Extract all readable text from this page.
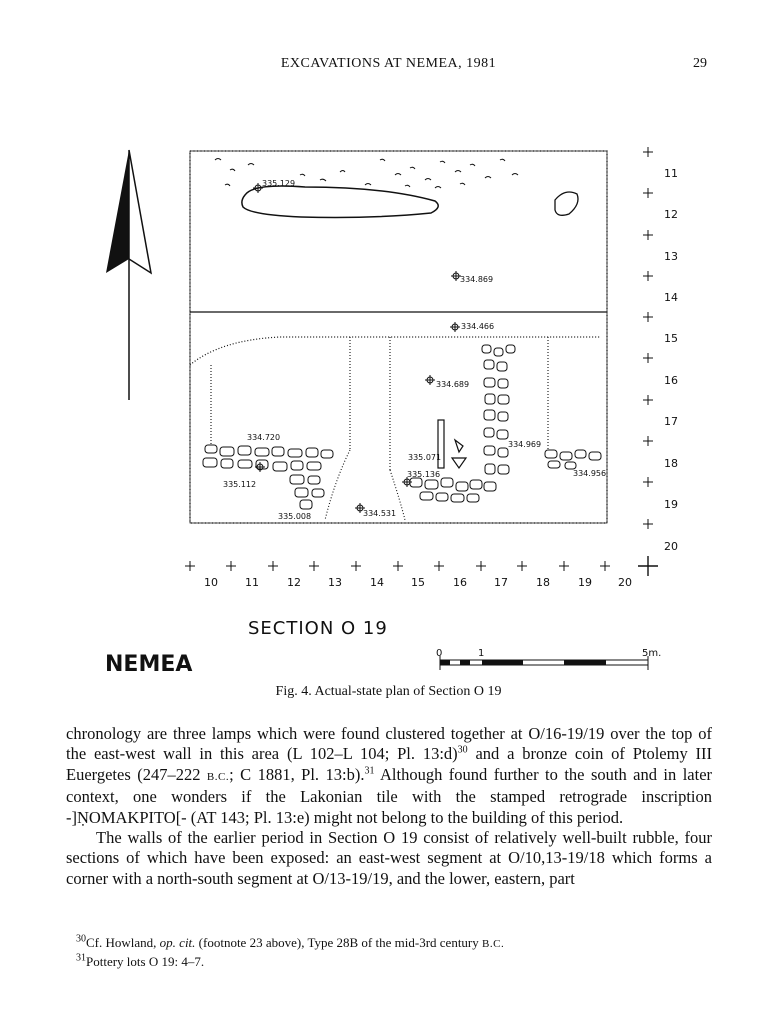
EXCAVATIONS AT NEMEA, 1981	29
335.129
334.869
334.466
334.689
334.720
335.112
335.008	334.531
335.071
335.136
334.969
334.956
11
12
13
14
15
16
17
18
19
20
10 11	12 13	14 15	16 17	18	19 20
SECTION O 19
NEMEA	0	1	5m.
Fig. 4. Actual-state plan of Section O 19

chronology are three lamps which were found clustered together at O/16-19/19 over the top of the east-west wall in this area (L 102–L 104; Pl. 13:d)$^{30}$ and a bronze coin of Ptolemy III Euergetes (247–222 B.C.; C 1881, Pl. 13:b).$^{31}$ Although found further to the south and in later context, one wonders if the Lakonian tile with the stamped retrograde inscription -]ṆOMAKPITO[- (AT 143; Pl. 13:e) might not belong to the building of this period.

The walls of the earlier period in Section O 19 consist of relatively well-built rubble, four sections of which have been exposed: an east-west segment at O/10,13-19/18 which forms a corner with a north-south segment at O/13-19/19, and the lower, eastern, part

$^{30}$Cf. Howland, op. cit. (footnote 23 above), Type 28B of the mid-3rd century B.C.
$^{31}$Pottery lots O 19: 4–7.
